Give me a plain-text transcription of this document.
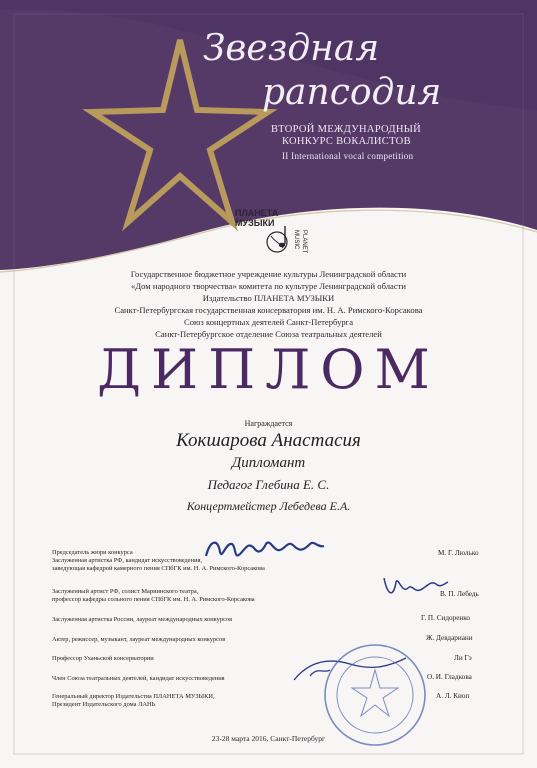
Звездная
рапсодия
ВТОРОЙ МЕЖДУНАРОДНЫЙ
КОНКУРС ВОКАЛИСТОВ
II International vocal competition
ПЛАНЕТА
МУЗЫКИ
MUSIC PLANET
Государственное бюджетное учреждение культуры Ленинградской области
«Дом народного творчества» комитета по культуре Ленинградской области
Издательство ПЛАНЕТА МУЗЫКИ
Санкт-Петербургская государственная консерватория им. Н. А. Римского-Корсакова
Союз концертных деятелей Санкт-Петербурга
Санкт-Петербургское отделение Союза театральных деятелей
ДИПЛОМ
Награждается
Кокшарова Анастасия
Дипломант
Педагог Глебина Е. С.
Концертмейстер Лебедева Е.А.
Председатель жюри конкурса
Заслуженная артистка РФ, кандидат искусствоведения,
заведующая кафедрой камерного пения СПбГК им. Н. А. Римского-Корсакова
М. Г. Люлько
Заслуженный артист РФ, солист Мариинского театра,
профессор кафедры сольного пения СПбГК им. Н. А. Римского-Корсакова
В. П. Лебедь
Заслуженная артистка России, лауреат международных конкурсов	Г. П. Сидоренко
Актер, режиссер, музыкант, лауреат международных конкурсов	Ж. Девдариани
Профессор Уханьской консерватории	Ли Гэ
Член Союза театральных деятелей, кандидат искусствоведения	О. И. Гладкова
Генеральный директор Издательства ПЛАНЕТА МУЗЫКИ,
Президент Издательского дома ЛАНЬ
А. Л. Киоп
23-28 марта 2016, Санкт-Петербург
